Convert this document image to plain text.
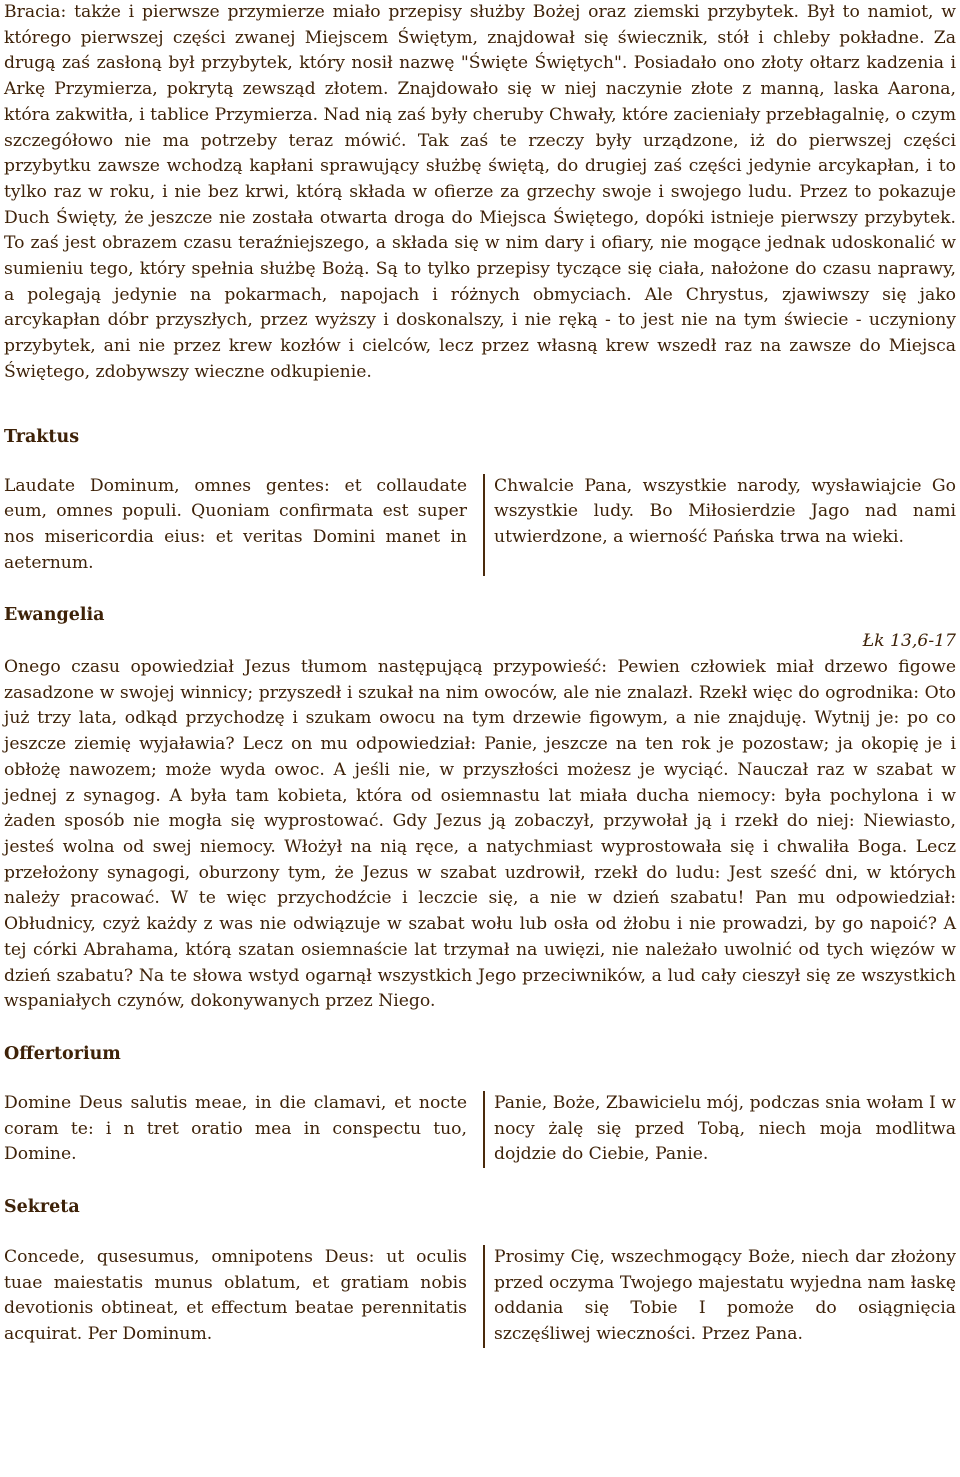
Bracia: także i pierwsze przymierze miało przepisy służby Bożej oraz ziemski przybytek. Był to namiot, w którego pierwszej części zwanej Miejscem Świętym, znajdował się świecznik, stół i chleby pokładne. Za drugą zaś zasłoną był przybytek, który nosił nazwę "Święte Świętych". Posiadało ono złoty ołtarz kadzenia i Arkę Przymierza, pokrytą zewsząd złotem. Znajdowało się w niej naczynie złote z manną, laska Aarona, która zakwitła, i tablice Przymierza. Nad nią zaś były cheruby Chwały, które zacieniały przebłagalnię, o czym szczegółowo nie ma potrzeby teraz mówić. Tak zaś te rzeczy były urządzone, iż do pierwszej części przybytku zawsze wchodzą kapłani sprawujący służbę świętą, do drugiej zaś części jedynie arcykapłan, i to tylko raz w roku, i nie bez krwi, którą składa w ofierze za grzechy swoje i swojego ludu. Przez to pokazuje Duch Święty, że jeszcze nie została otwarta droga do Miejsca Świętego, dopóki istnieje pierwszy przybytek. To zaś jest obrazem czasu teraźniejszego, a składa się w nim dary i ofiary, nie mogące jednak udoskonalić w sumieniu tego, który spełnia służbę Bożą. Są to tylko przepisy tyczące się ciała, nałożone do czasu naprawy, a polegają jedynie na pokarmach, napojach i różnych obmyciach. Ale Chrystus, zjawiwszy się jako arcykapłan dóbr przyszłych, przez wyższy i doskonalszy, i nie ręką - to jest nie na tym świecie - uczyniony przybytek, ani nie przez krew kozłów i cielców, lecz przez własną krew wszedł raz na zawsze do Miejsca Świętego, zdobywszy wieczne odkupienie.

Traktus
Laudate Dominum, omnes gentes: et collaudate eum, omnes populi. Quoniam confirmata est super nos misericordia eius: et veritas Domini manet in aeternum.
Chwalcie Pana, wszystkie narody, wysławiajcie Go wszystkie ludy. Bo Miłosierdzie Jago nad nami utwierdzone, a wierność Pańska trwa na wieki.
Ewangelia

Łk 13,6-17

Onego czasu opowiedział Jezus tłumom następującą przypowieść: Pewien człowiek miał drzewo figowe zasadzone w swojej winnicy; przyszedł i szukał na nim owoców, ale nie znalazł. Rzekł więc do ogrodnika: Oto już trzy lata, odkąd przychodzę i szukam owocu na tym drzewie figowym, a nie znajduję. Wytnij je: po co jeszcze ziemię wyjaławia? Lecz on mu odpowiedział: Panie, jeszcze na ten rok je pozostaw; ja okopię je i obłożę nawozem; może wyda owoc. A jeśli nie, w przyszłości możesz je wyciąć. Nauczał raz w szabat w jednej z synagog. A była tam kobieta, która od osiemnastu lat miała ducha niemocy: była pochylona i w żaden sposób nie mogła się wyprostować. Gdy Jezus ją zobaczył, przywołał ją i rzekł do niej: Niewiasto, jesteś wolna od swej niemocy. Włożył na nią ręce, a natychmiast wyprostowała się i chwaliła Boga. Lecz przełożony synagogi, oburzony tym, że Jezus w szabat uzdrowił, rzekł do ludu: Jest sześć dni, w których należy pracować. W te więc przychodźcie i leczcie się, a nie w dzień szabatu! Pan mu odpowiedział: Obłudnicy, czyż każdy z was nie odwiązuje w szabat wołu lub osła od żłobu i nie prowadzi, by go napoić? A tej córki Abrahama, którą szatan osiemnaście lat trzymał na uwięzi, nie należało uwolnić od tych więzów w dzień szabatu? Na te słowa wstyd ogarnął wszystkich Jego przeciwników, a lud cały cieszył się ze wszystkich wspaniałych czynów, dokonywanych przez Niego.

Offertorium
Domine Deus salutis meae, in die clamavi, et nocte coram te: i n tret oratio mea in conspectu tuo, Domine.
Panie, Boże, Zbawicielu mój, podczas snia wołam I w nocy żalę się przed Tobą, niech moja modlitwa dojdzie do Ciebie, Panie.
Sekreta
Concede, qusesumus, omnipotens Deus: ut oculis tuae maiestatis munus oblatum, et gratiam nobis devotionis obtineat, et effectum beatae perennitatis acquirat. Per Dominum.
Prosimy Cię, wszechmogący Boże, niech dar złożony przed oczyma Twojego majestatu wyjedna nam łaskę oddania się Tobie I pomoże do osiągnięcia szczęśliwej wieczności. Przez Pana.
